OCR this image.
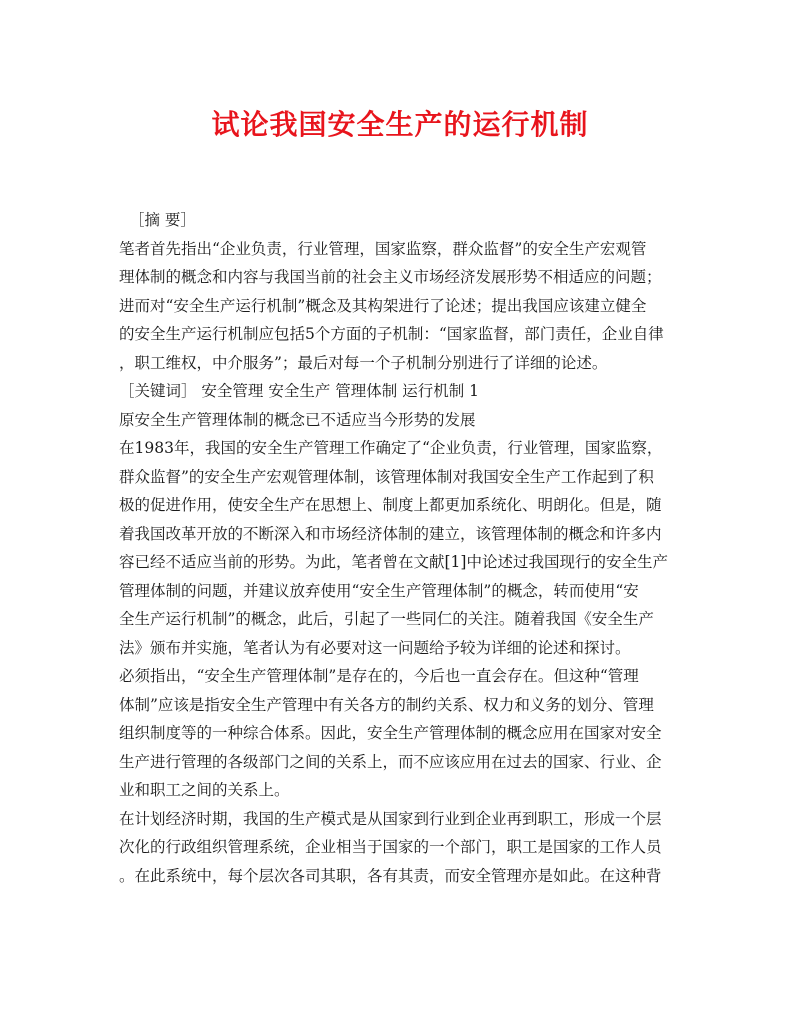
试论我国安全生产的运行机制

［摘 要］

笔者首先指出“企业负责，行业管理，国家监察，群众监督”的安全生产宏观管

理体制的概念和内容与我国当前的社会主义市场经济发展形势不相适应的问题；

进而对“安全生产运行机制”概念及其构架进行了论述；提出我国应该建立健全

的安全生产运行机制应包括5个方面的子机制：“国家监督，部门责任，企业自律

，职工维权，中介服务”；最后对每一个子机制分别进行了详细的论述。

［关键词］ 安全管理 安全生产 管理体制 运行机制 1

原安全生产管理体制的概念已不适应当今形势的发展

在1983年，我国的安全生产管理工作确定了“企业负责，行业管理，国家监察，

群众监督”的安全生产宏观管理体制，该管理体制对我国安全生产工作起到了积

极的促进作用，使安全生产在思想上、制度上都更加系统化、明朗化。但是，随

着我国改革开放的不断深入和市场经济体制的建立，该管理体制的概念和许多内

容已经不适应当前的形势。为此，笔者曾在文献[1]中论述过我国现行的安全生产

管理体制的问题，并建议放弃使用“安全生产管理体制”的概念，转而使用“安

全生产运行机制”的概念，此后，引起了一些同仁的关注。随着我国《安全生产

法》颁布并实施，笔者认为有必要对这一问题给予较为详细的论述和探讨。

必须指出，“安全生产管理体制”是存在的，今后也一直会存在。但这种“管理

体制”应该是指安全生产管理中有关各方的制约关系、权力和义务的划分、管理

组织制度等的一种综合体系。因此，安全生产管理体制的概念应用在国家对安全

生产进行管理的各级部门之间的关系上，而不应该应用在过去的国家、行业、企

业和职工之间的关系上。

在计划经济时期，我国的生产模式是从国家到行业到企业再到职工，形成一个层

次化的行政组织管理系统，企业相当于国家的一个部门，职工是国家的工作人员

。在此系统中，每个层次各司其职，各有其责，而安全管理亦是如此。在这种背
